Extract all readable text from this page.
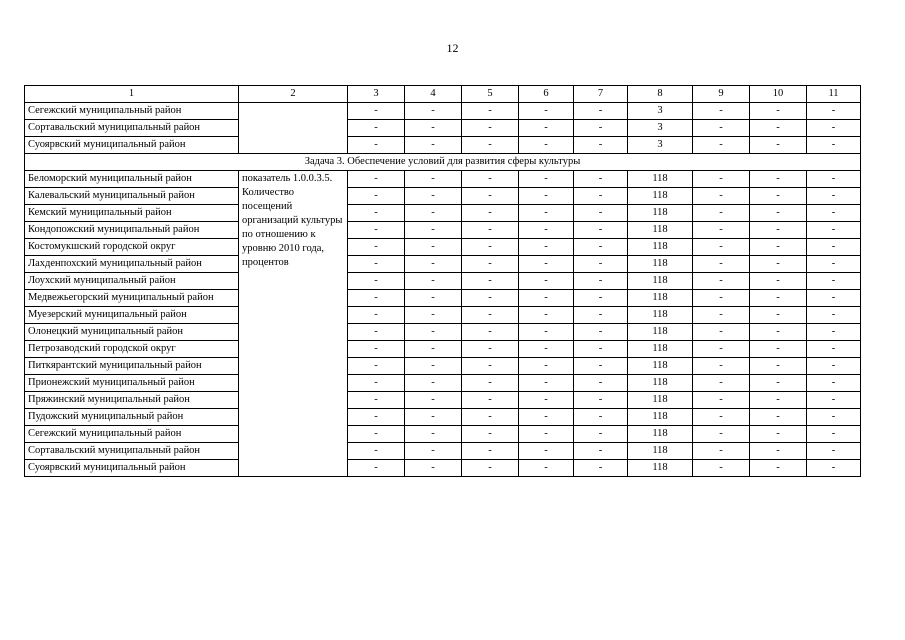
12
1	2	3	4	5	6	7	8	9	10	11
Сегежский муниципальный район		-	-	-	-	-	3	-	-	-
Сортавальский муниципальный район		-	-	-	-	-	3	-	-	-
Суоярвский муниципальный район		-	-	-	-	-	3	-	-	-
Задача 3. Обеспечение условий для развития сферы культуры										
Беломорский муниципальный район	показатель 1.0.0.3.5. Количество посещений организаций культуры по отношению к уровню 2010 года, процентов	-	-	-	-	-	118	-	-	-
Калевальский муниципальный район		-	-	-	-	-	118	-	-	-
Кемский муниципальный район		-	-	-	-	-	118	-	-	-
Кондопожский муниципальный район		-	-	-	-	-	118	-	-	-
Костомукшский городской округ		-	-	-	-	-	118	-	-	-
Лахденпохский муниципальный район		-	-	-	-	-	118	-	-	-
Лоухский муниципальный район		-	-	-	-	-	118	-	-	-
Медвежьегорский муниципальный район		-	-	-	-	-	118	-	-	-
Муезерский муниципальный район		-	-	-	-	-	118	-	-	-
Олонецкий муниципальный район		-	-	-	-	-	118	-	-	-
Петрозаводский городской округ		-	-	-	-	-	118	-	-	-
Питкярантский муниципальный район		-	-	-	-	-	118	-	-	-
Прионежский муниципальный район		-	-	-	-	-	118	-	-	-
Пряжинский муниципальный район		-	-	-	-	-	118	-	-	-
Пудожский муниципальный район		-	-	-	-	-	118	-	-	-
Сегежский муниципальный район		-	-	-	-	-	118	-	-	-
Сортавальский муниципальный район		-	-	-	-	-	118	-	-	-
Суоярвский муниципальный район		-	-	-	-	-	118	-	-	-
